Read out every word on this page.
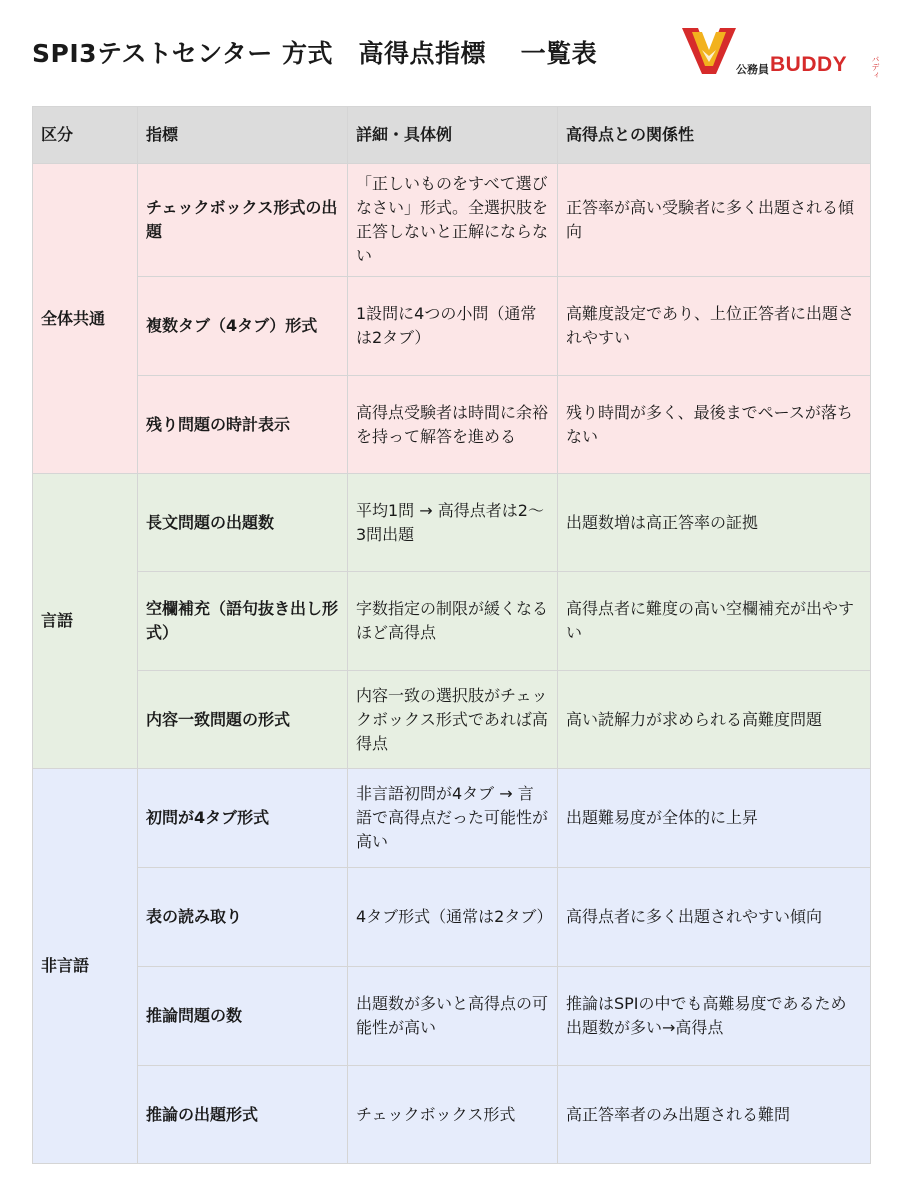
SPI3テストセンター 方式　高得点指標　 一覧表
公務員 BUDDY	バディ
区分	指標	詳細・具体例	高得点との関係性
全体共通	チェックボックス形式の出題	「正しいものをすべて選びなさい」形式。全選択肢を正答しないと正解にならない	正答率が高い受験者に多く出題される傾向
	複数タブ（4タブ）形式	1設問に4つの小問（通常は2タブ）	高難度設定であり、上位正答者に出題されやすい
	残り問題の時計表示	高得点受験者は時間に余裕を持って解答を進める	残り時間が多く、最後までペースが落ちない
言語	長文問題の出題数	平均1問 → 高得点者は2〜3問出題	出題数増は高正答率の証拠
	空欄補充（語句抜き出し形式）	字数指定の制限が緩くなるほど高得点	高得点者に難度の高い空欄補充が出やすい
	内容一致問題の形式	内容一致の選択肢がチェックボックス形式であれば高得点	高い読解力が求められる高難度問題
非言語	初問が4タブ形式	非言語初問が4タブ → 言語で高得点だった可能性が高い	出題難易度が全体的に上昇
	表の読み取り	4タブ形式（通常は2タブ）	高得点者に多く出題されやすい傾向
	推論問題の数	出題数が多いと高得点の可能性が高い	推論はSPIの中でも高難易度であるため出題数が多い→高得点
	推論の出題形式	チェックボックス形式	高正答率者のみ出題される難問
